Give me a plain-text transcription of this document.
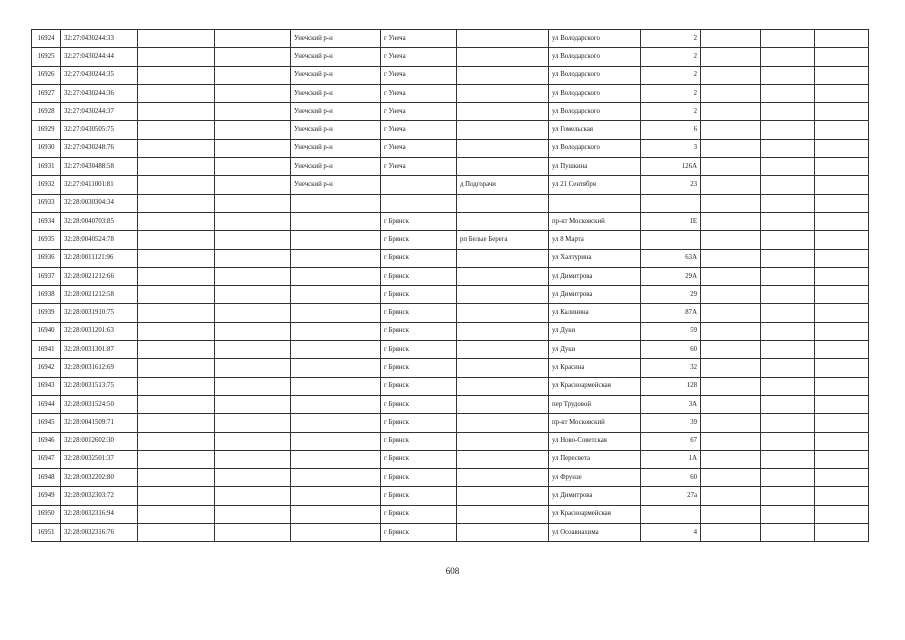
16924	32:27:0430244:33			Унечский р-н	г Унеча		ул Володарского	2			
16925	32:27:0430244:44			Унечский р-н	г Унеча		ул Володарского	2			
16926	32:27:0430244:35			Унечский р-н	г Унеча		ул Володарского	2			
16927	32:27:0430244:36			Унечский р-н	г Унеча		ул Володарского	2			
16928	32:27:0430244:37			Унечский р-н	г Унеча		ул Володарского	2			
16929	32:27:0430505:75			Унечский р-н	г Унеча		ул Гомельская	6			
16930	32:27:0430248:76			Унечский р-н	г Унеча		ул Володарского	3			
16931	32:27:0430488:58			Унечский р-н	г Унеча		ул Пушкина	126А			
16932	32:27:0411001:81			Унечский р-н		д Подгорачи	ул 21 Сентября	23			
16933	32:28:0030304:34										
16934	32:28:0040703:85				г Брянск		пр-кт Московский	1Е			
16935	32:28:0040524:78				г Брянск	рп Белые Берега	ул 8 Марта				
16936	32:28:0011121:96				г Брянск		ул Халтурина	63А			
16937	32:28:0021212:66				г Брянск		ул Димитрова	29А			
16938	32:28:0021212:58				г Брянск		ул Димитрова	29			
16939	32:28:0031910:75				г Брянск		ул Калинина	87А			
16940	32:28:0031201:63				г Брянск		ул Дуки	59			
16941	32:28:0031301:87				г Брянск		ул Дуки	60			
16942	32:28:0031612:69				г Брянск		ул Красина	32			
16943	32:28:0031513:75				г Брянск		ул Красноармейская	128			
16944	32:28:0031524:50				г Брянск		пер Трудовой	3А			
16945	32:28:0041509:71				г Брянск		пр-кт Московский	39			
16946	32:28:0012602:30				г Брянск		ул Ново-Советская	67			
16947	32:28:0032501:37				г Брянск		ул Пересвета	1А			
16948	32:28:0032202:80				г Брянск		ул Фрунзе	60			
16949	32:28:0032303:72				г Брянск		ул Димитрова	27а			
16950	32:28:0032316:94				г Брянск		ул Красноармейская				
16951	32:28:0032316:76				г Брянск		ул Осоавиахима	4			
608
